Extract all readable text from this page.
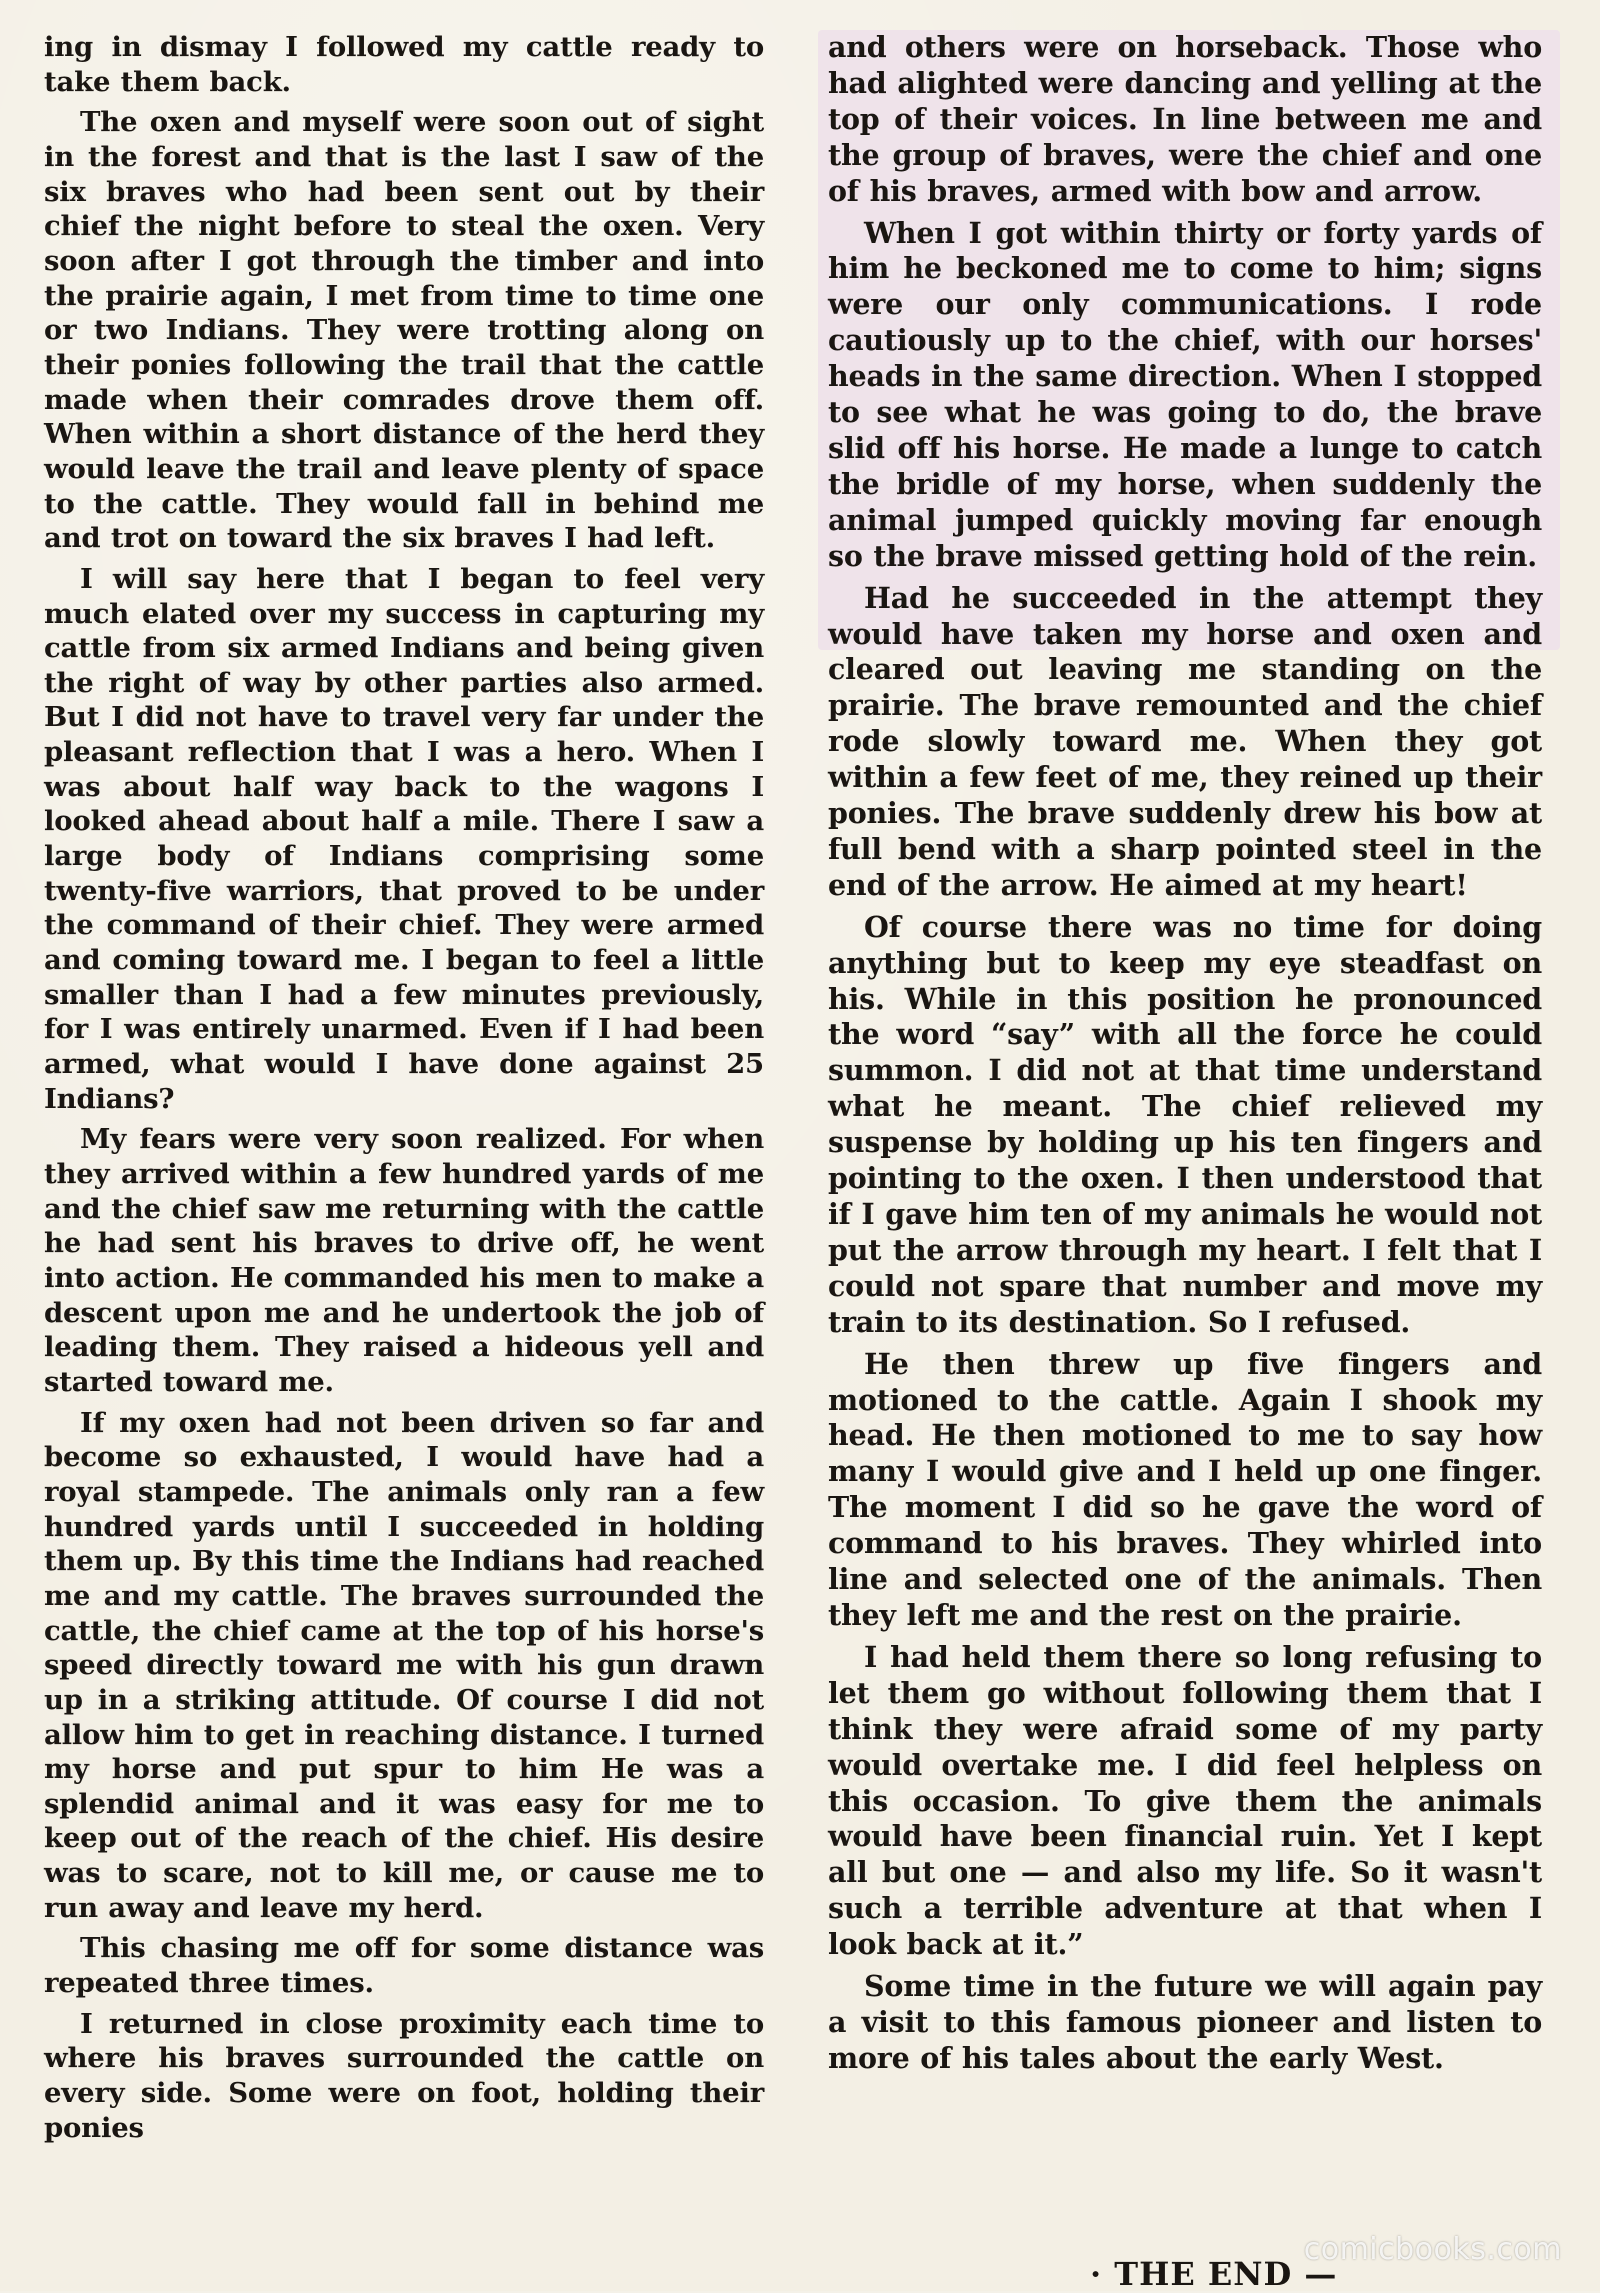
ing in dismay I followed my cattle ready to take them back.

The oxen and myself were soon out of sight in the forest and that is the last I saw of the six braves who had been sent out by their chief the night before to steal the oxen. Very soon after I got through the timber and into the prairie again, I met from time to time one or two Indians. They were trotting along on their ponies following the trail that the cattle made when their comrades drove them off. When within a short distance of the herd they would leave the trail and leave plenty of space to the cattle. They would fall in behind me and trot on toward the six braves I had left.

I will say here that I began to feel very much elated over my success in capturing my cattle from six armed Indians and being given the right of way by other parties also armed. But I did not have to travel very far under the pleasant reflection that I was a hero. When I was about half way back to the wagons I looked ahead about half a mile. There I saw a large body of Indians comprising some twenty-five warriors, that proved to be under the command of their chief. They were armed and coming toward me. I began to feel a little smaller than I had a few minutes previously, for I was entirely unarmed. Even if I had been armed, what would I have done against 25 Indians?

My fears were very soon realized. For when they arrived within a few hundred yards of me and the chief saw me returning with the cattle he had sent his braves to drive off, he went into action. He commanded his men to make a descent upon me and he undertook the job of leading them. They raised a hideous yell and started toward me.

If my oxen had not been driven so far and become so exhausted, I would have had a royal stampede. The animals only ran a few hundred yards until I succeeded in holding them up. By this time the Indians had reached me and my cattle. The braves surrounded the cattle, the chief came at the top of his horse's speed directly toward me with his gun drawn up in a striking attitude. Of course I did not allow him to get in reaching distance. I turned my horse and put spur to him He was a splendid animal and it was easy for me to keep out of the reach of the chief. His desire was to scare, not to kill me, or cause me to run away and leave my herd.

This chasing me off for some distance was repeated three times.

I returned in close proximity each time to where his braves surrounded the cattle on every side. Some were on foot, holding their ponies

and others were on horseback. Those who had alighted were dancing and yelling at the top of their voices. In line between me and the group of braves, were the chief and one of his braves, armed with bow and arrow.

When I got within thirty or forty yards of him he beckoned me to come to him; signs were our only communications. I rode cautiously up to the chief, with our horses' heads in the same direction. When I stopped to see what he was going to do, the brave slid off his horse. He made a lunge to catch the bridle of my horse, when suddenly the animal jumped quickly moving far enough so the brave missed getting hold of the rein.

Had he succeeded in the attempt they would have taken my horse and oxen and cleared out leaving me standing on the prairie. The brave remounted and the chief rode slowly toward me. When they got within a few feet of me, they reined up their ponies. The brave suddenly drew his bow at full bend with a sharp pointed steel in the end of the arrow. He aimed at my heart!

Of course there was no time for doing anything but to keep my eye steadfast on his. While in this position he pronounced the word “say” with all the force he could summon. I did not at that time understand what he meant. The chief relieved my suspense by holding up his ten fingers and pointing to the oxen. I then understood that if I gave him ten of my animals he would not put the arrow through my heart. I felt that I could not spare that number and move my train to its destination. So I refused.

He then threw up five fingers and motioned to the cattle. Again I shook my head. He then motioned to me to say how many I would give and I held up one finger. The moment I did so he gave the word of command to his braves. They whirled into line and selected one of the animals. Then they left me and the rest on the prairie.

I had held them there so long refusing to let them go without following them that I think they were afraid some of my party would overtake me. I did feel helpless on this occasion. To give them the animals would have been financial ruin. Yet I kept all but one — and also my life. So it wasn't such a terrible adventure at that when I look back at it.”

Some time in the future we will again pay a visit to this famous pioneer and listen to more of his tales about the early West.

· THE END —
comicbooks.com
